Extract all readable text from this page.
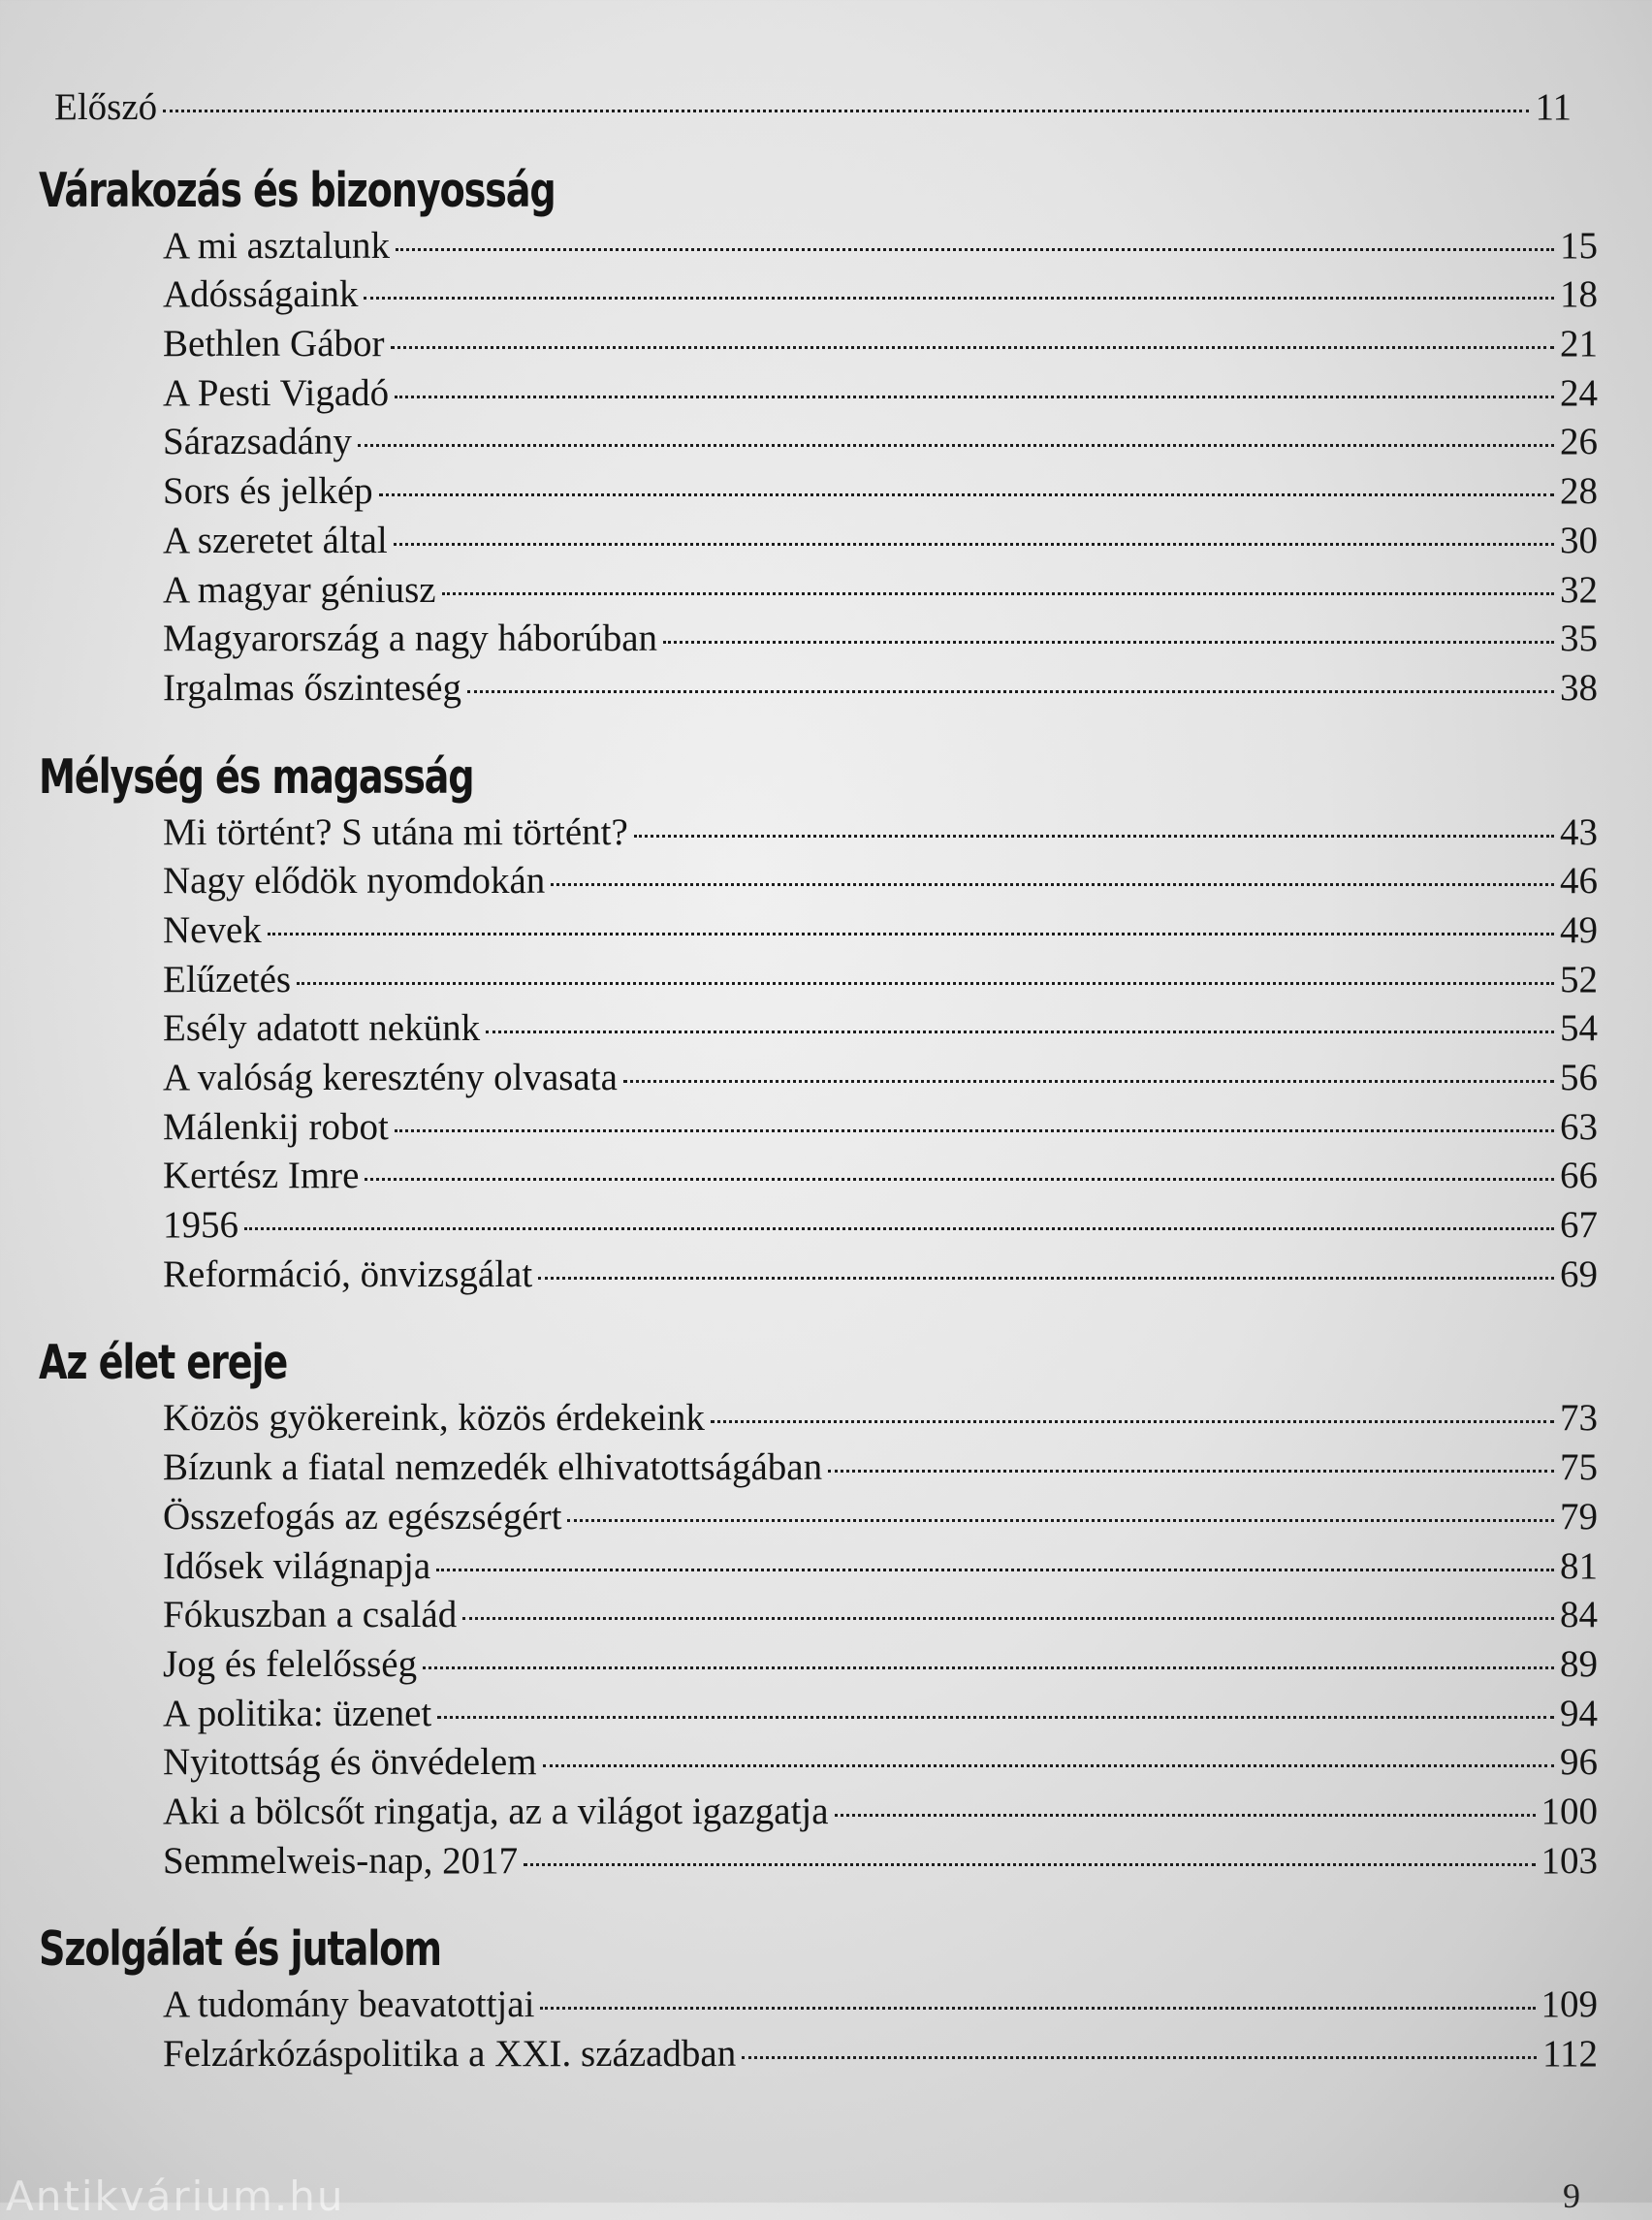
Előszó	11
Várakozás és bizonyosság
A mi asztalunk	15
Adósságaink	18
Bethlen Gábor	21
A Pesti Vigadó	24
Sárazsadány	26
Sors és jelkép	28
A szeretet által	30
A magyar géniusz	32
Magyarország a nagy háborúban	35
Irgalmas őszinteség	38
Mélység és magasság
Mi történt? S utána mi történt?	43
Nagy elődök nyomdokán	46
Nevek	49
Elűzetés	52
Esély adatott nekünk	54
A valóság keresztény olvasata	56
Málenkij robot	63
Kertész Imre	66
1956	67
Reformáció, önvizsgálat	69
Az élet ereje
Közös gyökereink, közös érdekeink	73
Bízunk a fiatal nemzedék elhivatottságában	75
Összefogás az egészségért	79
Idősek világnapja	81
Fókuszban a család	84
Jog és felelősség	89
A politika: üzenet	94
Nyitottság és önvédelem	96
Aki a bölcsőt ringatja, az a világot igazgatja	100
Semmelweis-nap, 2017	103
Szolgálat és jutalom
A tudomány beavatottjai	109
Felzárkózáspolitika a XXI. században	112
Antikvárium.hu	9
